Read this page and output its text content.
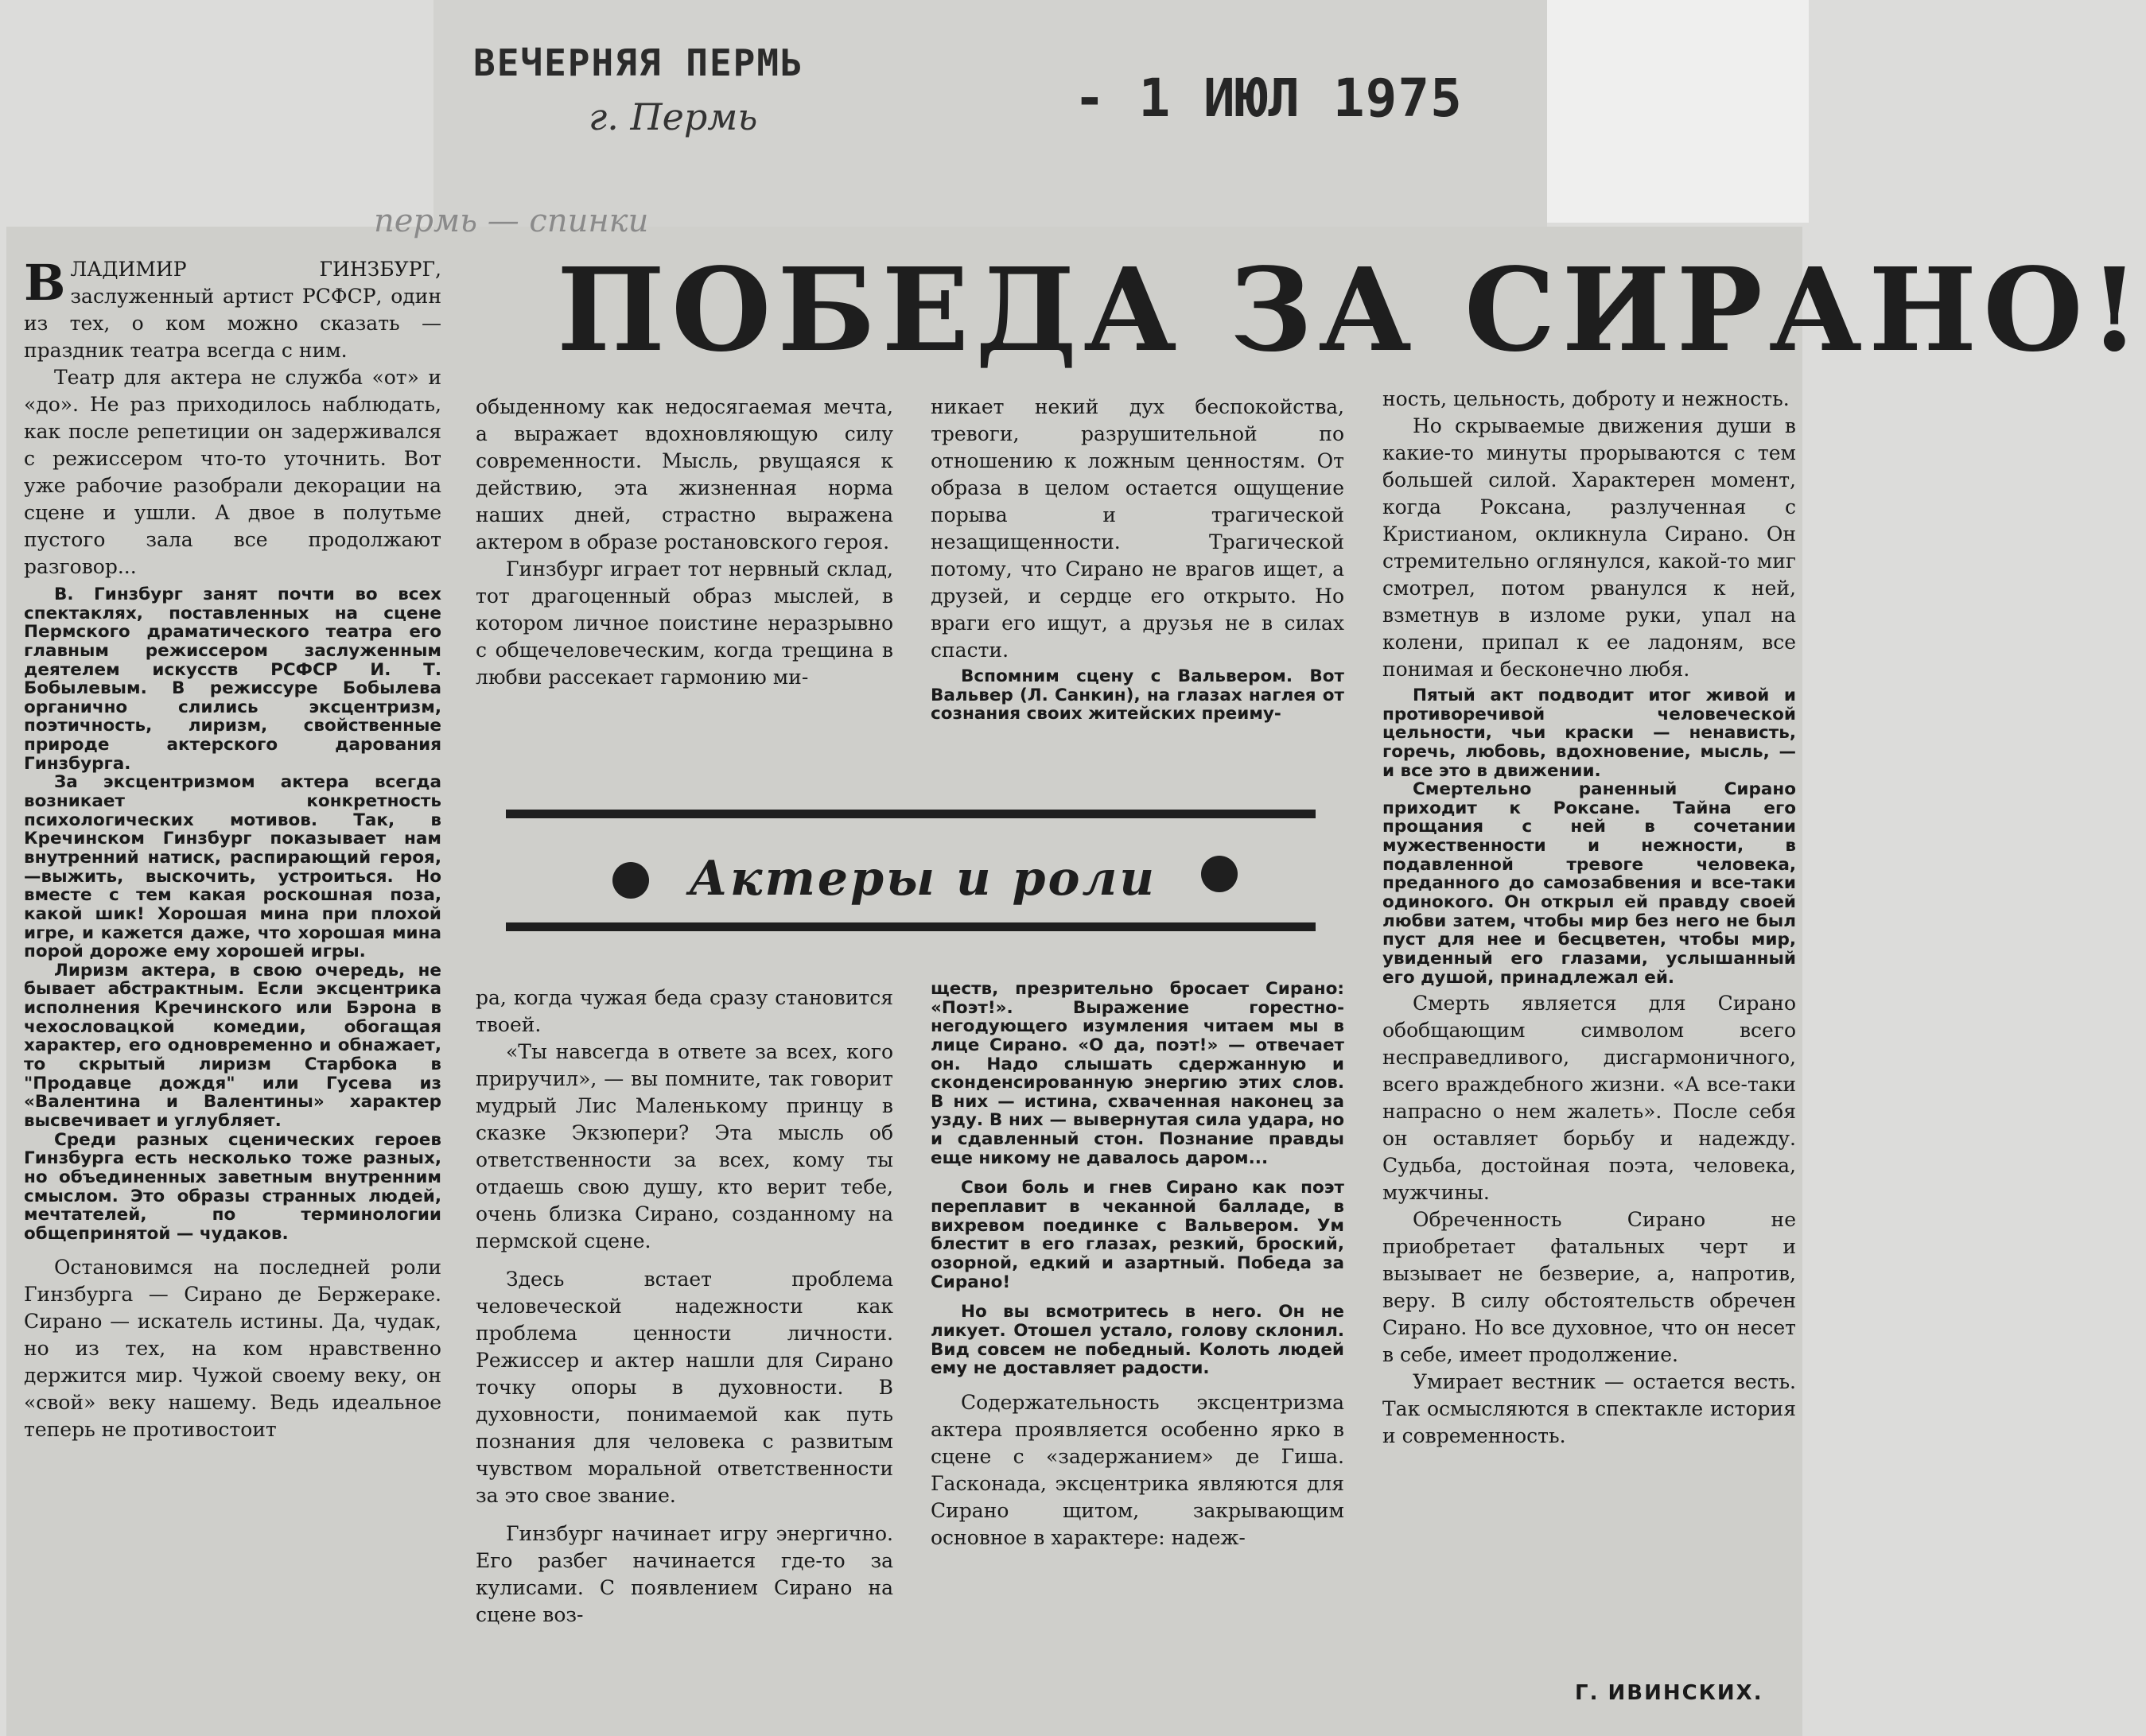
ВЕЧЕРНЯЯ ПЕРМЬ
г. Пермь	- 1 ИЮЛ 1975
пермь — спинки
ПОБЕДА ЗА СИРАНО!

ВЛАДИМИР ГИНЗБУРГ, заслуженный артист РСФСР, один из тех, о ком можно сказать — праздник театра всегда с ним.

Театр для актера не служба «от» и «до». Не раз приходилось наблюдать, как после репетиции он задерживался с режиссером что-то уточнить. Вот уже рабочие разобрали декорации на сцене и ушли. А двое в полутьме пустого зала все продолжают разговор...

В. Гинзбург занят почти во всех спектаклях, поставленных на сцене Пермского драматического театра его главным режиссером заслуженным деятелем искусств РСФСР И. Т. Бобылевым. В режиссуре Бобылева органично слились эксцентризм, поэтичность, лиризм, свойственные природе актерского дарования Гинзбурга.

За эксцентризмом актера всегда возникает конкретность психологических мотивов. Так, в Кречинском Гинзбург показывает нам внутренний натиск, распирающий героя,—выжить, выскочить, устроиться. Но вместе с тем какая роскошная поза, какой шик! Хорошая мина при плохой игре, и кажется даже, что хорошая мина порой дороже ему хорошей игры.

Лиризм актера, в свою очередь, не бывает абстрактным. Если эксцентрика исполнения Кречинского или Бэрона в чехословацкой комедии, обогащая характер, его одновременно и обнажает, то скрытый лиризм Старбока в "Продавце дождя" или Гусева из «Валентина и Валентины» характер высвечивает и углубляет.

Среди разных сценических героев Гинзбурга есть несколько тоже разных, но объединенных заветным внутренним смыслом. Это образы странных людей, мечтателей, по терминологии общепринятой — чудаков.

Остановимся на последней роли Гинзбурга — Сирано де Бержераке. Сирано — искатель истины. Да, чудак, но из тех, на ком нравственно держится мир. Чужой своему веку, он «свой» веку нашему. Ведь идеальное теперь не противостоит

обыденному как недосягаемая мечта, а выражает вдохновляющую силу современности. Мысль, рвущаяся к действию, эта жизненная норма наших дней, страстно выражена актером в образе ростановского героя.

Гинзбург играет тот нервный склад, тот драгоценный образ мыслей, в котором личное поистине неразрывно с общечеловеческим, когда трещина в любви рассекает гармонию ми-

никает некий дух беспокойства, тревоги, разрушительной по отношению к ложным ценностям. От образа в целом остается ощущение порыва и трагической незащищенности. Трагической потому, что Сирано не врагов ищет, а друзей, и сердце его открыто. Но враги его ищут, а друзья не в силах спасти.

Вспомним сцену с Вальвером. Вот Вальвер (Л. Санкин), на глазах наглея от сознания своих житейских преиму-

Актеры и роли

ра, когда чужая беда сразу становится твоей.

«Ты навсегда в ответе за всех, кого приручил», — вы помните, так говорит мудрый Лис Маленькому принцу в сказке Экзюпери? Эта мысль об ответственности за всех, кому ты отдаешь свою душу, кто верит тебе, очень близка Сирано, созданному на пермской сцене.

Здесь встает проблема человеческой надежности как проблема ценности личности. Режиссер и актер нашли для Сирано точку опоры в духовности. В духовности, понимаемой как путь познания для человека с развитым чувством моральной ответственности за это свое звание.

Гинзбург начинает игру энергично. Его разбег начинается где-то за кулисами. С появлением Сирано на сцене воз-

ществ, презрительно бросает Сирано: «Поэт!». Выражение горестно-негодующего изумления читаем мы в лице Сирано. «О да, поэт!» — отвечает он. Надо слышать сдержанную и сконденсированную энергию этих слов. В них — истина, схваченная наконец за узду. В них — вывернутая сила удара, но и сдавленный стон. Познание правды еще никому не давалось даром...

Свои боль и гнев Сирано как поэт переплавит в чеканной балладе, в вихревом поединке с Вальвером. Ум блестит в его глазах, резкий, броский, озорной, едкий и азартный. Победа за Сирано!

Но вы всмотритесь в него. Он не ликует. Отошел устало, голову склонил. Вид совсем не победный. Колоть людей ему не доставляет радости.

Содержательность эксцентризма актера проявляется особенно ярко в сцене с «задержанием» де Гиша. Гасконада, эксцентрика являются для Сирано щитом, закрывающим основное в характере: надеж-

ность, цельность, доброту и нежность.

Но скрываемые движения души в какие-то минуты прорываются с тем большей силой. Характерен момент, когда Роксана, разлученная с Кристианом, окликнула Сирано. Он стремительно оглянулся, какой-то миг смотрел, потом рванулся к ней, взметнув в изломе руки, упал на колени, припал к ее ладоням, все понимая и бесконечно любя.

Пятый акт подводит итог живой и противоречивой человеческой цельности, чьи краски — ненависть, горечь, любовь, вдохновение, мысль, — и все это в движении.

Смертельно раненный Сирано приходит к Роксане. Тайна его прощания с ней в сочетании мужественности и нежности, в подавленной тревоге человека, преданного до самозабвения и все-таки одинокого. Он открыл ей правду своей любви затем, чтобы мир без него не был пуст для нее и бесцветен, чтобы мир, увиденный его глазами, услышанный его душой, принадлежал ей.

Смерть является для Сирано обобщающим символом всего несправедливого, дисгармоничного, всего враждебного жизни. «А все-таки напрасно о нем жалеть». После себя он оставляет борьбу и надежду. Судьба, достойная поэта, человека, мужчины.

Обреченность Сирано не приобретает фатальных черт и вызывает не безверие, а, напротив, веру. В силу обстоятельств обречен Сирано. Но все духовное, что он несет в себе, имеет продолжение.

Умирает вестник — остается весть. Так осмысляются в спектакле история и современность.

Г. ИВИНСКИХ.
